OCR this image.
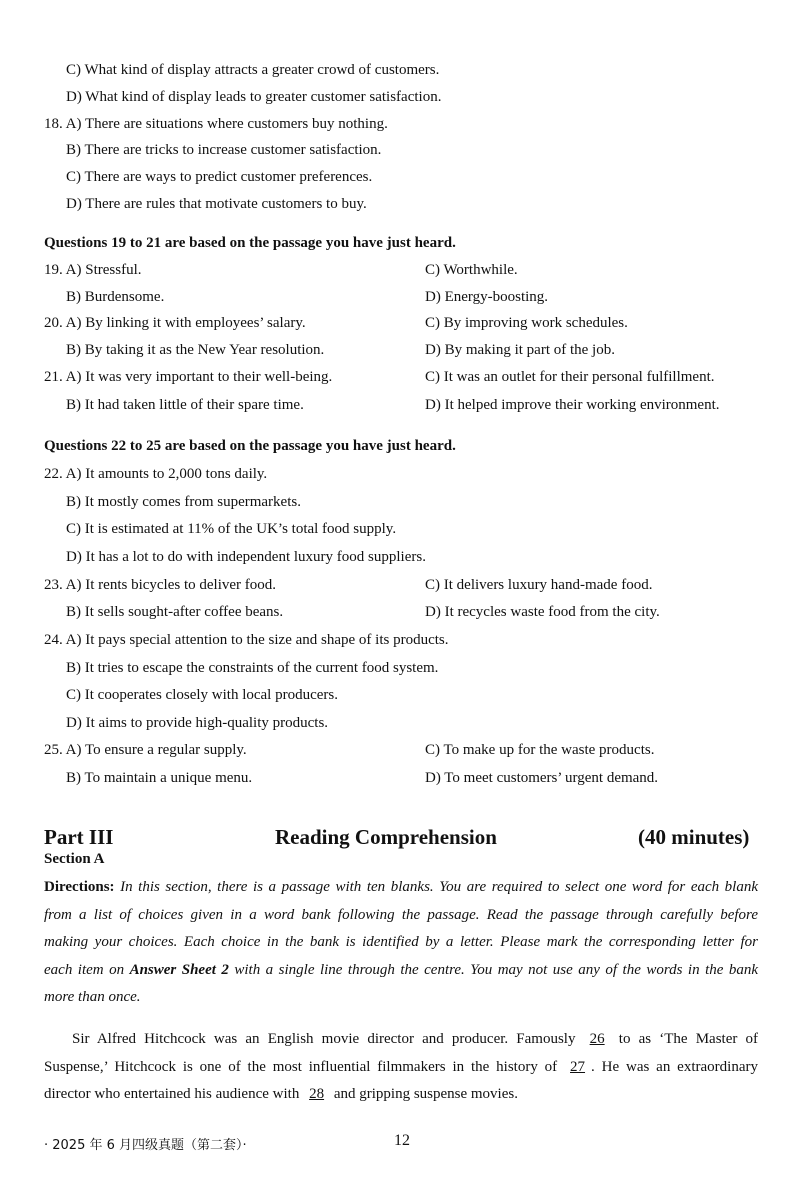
C) What kind of display attracts a greater crowd of customers.
D) What kind of display leads to greater customer satisfaction.
18. A) There are situations where customers buy nothing.
B) There are tricks to increase customer satisfaction.
C) There are ways to predict customer preferences.
D) There are rules that motivate customers to buy.
Questions 19 to 21 are based on the passage you have just heard.
19. A) Stressful.	C) Worthwhile.
B) Burdensome.	D) Energy-boosting.
20. A) By linking it with employees’ salary.	C) By improving work schedules.
B) By taking it as the New Year resolution.	D) By making it part of the job.
21. A) It was very important to their well-being.	C) It was an outlet for their personal fulfillment.
B) It had taken little of their spare time.	D) It helped improve their working environment.
Questions 22 to 25 are based on the passage you have just heard.
22. A) It amounts to 2,000 tons daily.
B) It mostly comes from supermarkets.
C) It is estimated at 11% of the UK’s total food supply.
D) It has a lot to do with independent luxury food suppliers.
23. A) It rents bicycles to deliver food.	C) It delivers luxury hand-made food.
B) It sells sought-after coffee beans.	D) It recycles waste food from the city.
24. A) It pays special attention to the size and shape of its products.
B) It tries to escape the constraints of the current food system.
C) It cooperates closely with local producers.
D) It aims to provide high-quality products.
25. A) To ensure a regular supply.	C) To make up for the waste products.
B) To maintain a unique menu.	D) To meet customers’ urgent demand.
Part III	Reading Comprehension	(40 minutes)
Section A
Directions: In this section, there is a passage with ten blanks. You are required to select one word for each blank
from a list of choices given in a word bank following the passage. Read the passage through carefully before
making your choices. Each choice in the bank is identified by a letter. Please mark the corresponding letter for
each item on Answer Sheet 2 with a single line through the centre. You may not use any of the words in the bank
more than once.
Sir Alfred Hitchcock was an English movie director and producer. Famously 26 to as ‘The Master of
Suspense,’ Hitchcock is one of the most influential filmmakers in the history of 27 . He was an extraordinary
director who entertained his audience with 28 and gripping suspense movies.
· 2025 年 6 月四级真题（第二套）·	12
